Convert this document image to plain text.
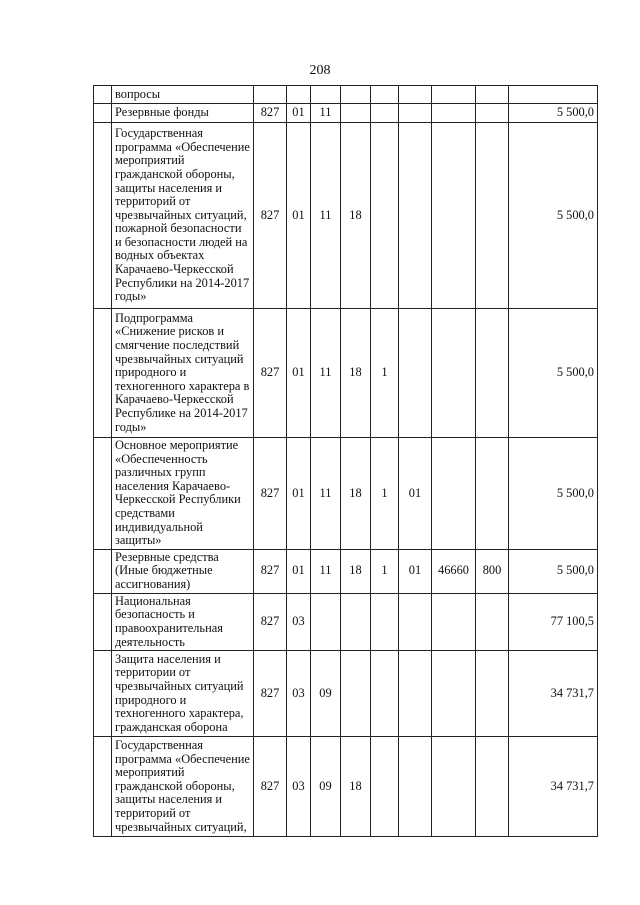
208
	вопросы									
	Резервные фонды	827	01	11						5 500,0
	Государственная программа «Обеспечение мероприятий гражданской обороны, защиты населения и территорий от чрезвычайных ситуаций, пожарной безопасности и безопасности людей на водных объектах Карачаево-Черкесской Республики на 2014-2017 годы»	827	01	11	18					5 500,0
	Подпрограмма «Снижение рисков и смягчение последствий чрезвычайных ситуаций природного и техногенного характера в Карачаево-Черкесской Республике на 2014-2017 годы»	827	01	11	18	1				5 500,0
	Основное мероприятие «Обеспеченность различных групп населения Карачаево-Черкесской Республики средствами индивидуальной защиты»	827	01	11	18	1	01			5 500,0
	Резервные средства (Иные бюджетные ассигнования)	827	01	11	18	1	01	46660	800	5 500,0
	Национальная безопасность и правоохранительная деятельность	827	03							77 100,5
	Защита населения и территории от чрезвычайных ситуаций природного и техногенного характера, гражданская оборона	827	03	09						34 731,7
	Государственная программа «Обеспечение мероприятий гражданской обороны, защиты населения и территорий от чрезвычайных ситуаций,	827	03	09	18					34 731,7
